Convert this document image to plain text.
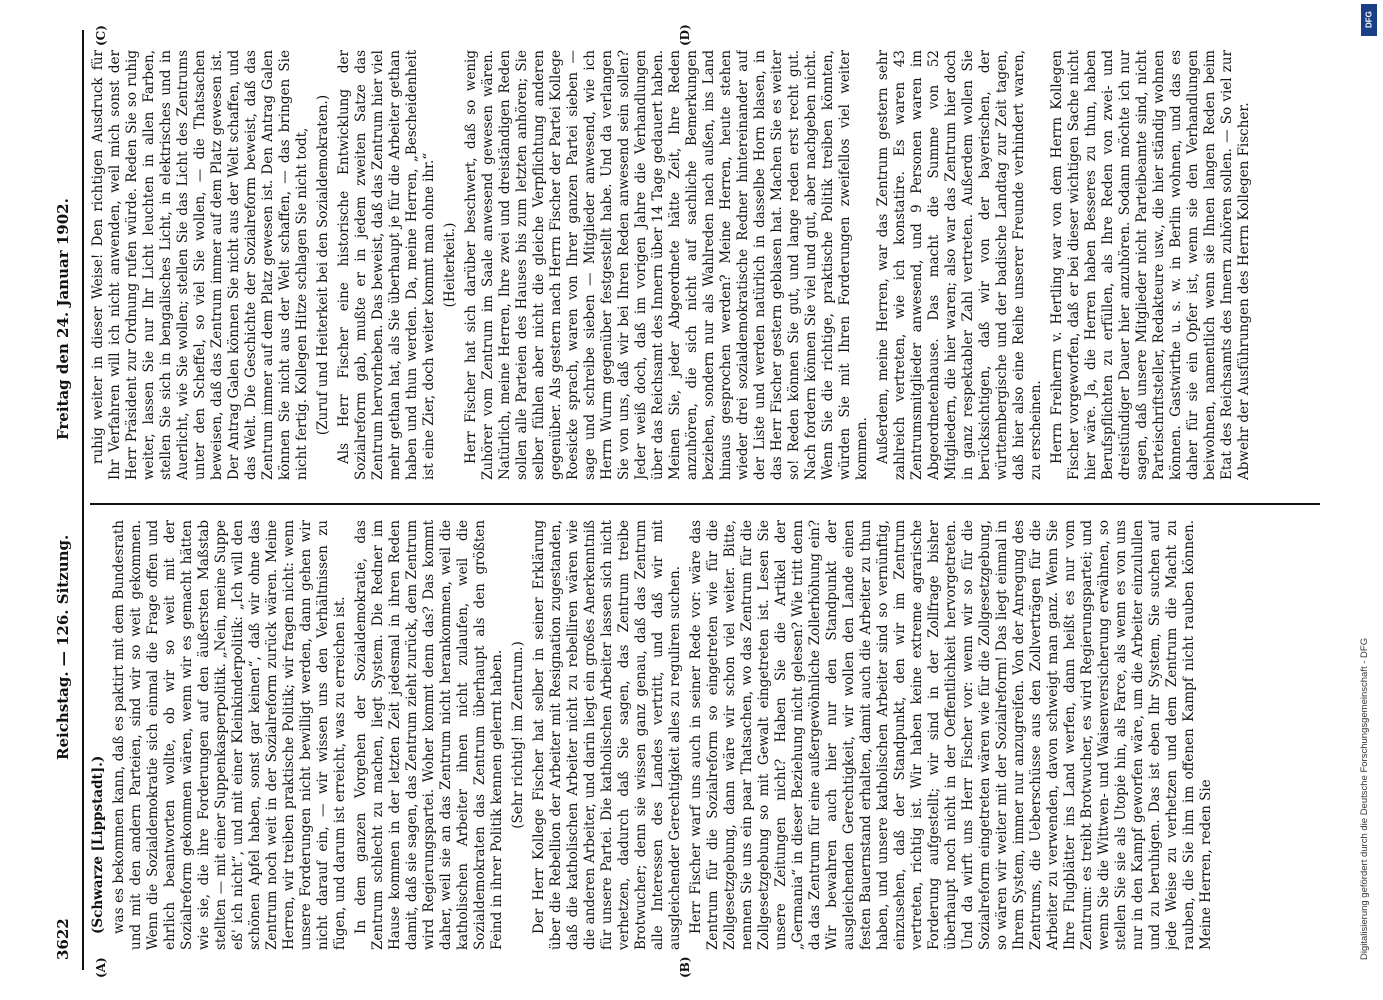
3622
Reichstag. — 126. Sitzung.
Freitag den 24. Januar 1902.
(A)	(B)
(C)	(D)

(Schwarze [Lippstadt].) was es bekommen kann, daß es paktirt mit dem Bundesrath und mit den andern Parteien, sind wir so weit gekommen. Wenn die Sozialdemokratie sich einmal die Frage offen und ehrlich beantworten wollte, ob wir so weit mit der Sozialreform gekommen wären, wenn wir es gemacht hätten wie sie, die ihre Forderungen auf den äußersten Maßstab stellten — mit einer Suppenkasperpolitik. „Nein, meine Suppe eß' ich nicht“, und mit einer Kleinkinderpolitik: „Ich will den schönen Apfel haben, sonst gar keinen“, daß wir ohne das Zentrum noch weit in der Sozialreform zurück wären. Meine Herren, wir treiben praktische Politik; wir fragen nicht: wenn unsere Forderungen nicht bewilligt werden, dann gehen wir nicht darauf ein, — wir wissen uns den Verhältnissen zu fügen, und darum ist erreicht, was zu erreichen ist. In dem ganzen Vorgehen der Sozialdemokratie, das Zentrum schlecht zu machen, liegt System. Die Redner im Hause kommen in der letzten Zeit jedesmal in ihren Reden damit, daß sie sagen, das Zentrum zieht zurück, dem Zentrum wird Regierungspartei. Woher kommt denn das? Das kommt daher, weil sie an das Zentrum nicht herankommen, weil die katholischen Arbeiter ihnen nicht zulaufen, weil die Sozialdemokraten das Zentrum überhaupt als den größten Feind in ihrer Politik kennen gelernt haben. (Sehr richtig! im Zentrum.) Der Herr Kollege Fischer hat selber in seiner Erklärung über die Rebellion der Arbeiter mit Resignation zugestanden, daß die katholischen Arbeiter nicht zu rebelliren wären wie die anderen Arbeiter, und darin liegt ein großes Anerkenntniß für unsere Partei. Die katholischen Arbeiter lassen sich nicht verhetzen, dadurch daß Sie sagen, das Zentrum treibe Brotwucher; denn sie wissen ganz genau, daß das Zentrum alle Interessen des Landes vertritt, und daß wir mit ausgleichender Gerechtigkeit alles zu reguliren suchen. Herr Fischer warf uns auch in seiner Rede vor: wäre das Zentrum für die Sozialreform so eingetreten wie für die Zollgesetzgebung, dann wäre wir schon viel weiter. Bitte, nennen Sie uns ein paar Thatsachen, wo das Zentrum für die Zollgesetzgebung so mit Gewalt eingetreten ist. Lesen Sie unsere Zeitungen nicht? Haben Sie die Artikel der „Germania“ in dieser Beziehung nicht gelesen? Wie tritt denn da das Zentrum für eine außergewöhnliche Zollerhöhung ein? Wir bewahren auch hier nur den Standpunkt der ausgleichenden Gerechtigkeit, wir wollen den Lande einen festen Bauernstand erhalten, damit auch die Arbeiter zu thun haben, und unsere katholischen Arbeiter sind so vernünftig, einzusehen, daß der Standpunkt, den wir im Zentrum vertreten, richtig ist. Wir haben keine extreme agrarische Forderung aufgestellt; wir sind in der Zollfrage bisher überhaupt noch nicht in der Oeffentlichkeit hervorgetreten. Und da wirft uns Herr Fischer vor: wenn wir so für die Sozialreform eingetreten wären wie für die Zollgesetzgebung, so wären wir weiter mit der Sozialreform! Das liegt einmal in Ihrem System, immer nur anzugreifen. Von der Anregung des Zentrums, die Ueberschüsse aus den Zollverträgen für die Arbeiter zu verwenden, davon schweigt man ganz. Wenn Sie Ihre Flugblätter ins Land werfen, dann heißt es nur vom Zentrum: es treibt Brotwucher, es wird Regierungspartei; und wenn Sie die Wittwen- und Waisenversicherung erwähnen, so stellen Sie sie als Utopie hin, als Farce, als wenn es von uns nur in den Kampf geworfen wäre, um die Arbeiter einzulullen und zu beruhigen. Das ist eben Ihr System, Sie suchen auf jede Weise zu verhetzen und dem Zentrum die Macht zu rauben, die Sie ihm im offenen Kampf nicht rauben können. Meine Herren, reden Sie

ruhig weiter in dieser Weise! Den richtigen Ausdruck für Ihr Verfahren will ich nicht anwenden, weil mich sonst der Herr Präsident zur Ordnung rufen würde. Reden Sie so ruhig weiter, lassen Sie nur Ihr Licht leuchten in allen Farben, stellen Sie sich in bengalisches Licht, in elektrisches und in Auerlicht, wie Sie wollen; stellen Sie das Licht des Zentrums unter den Scheffel, so viel Sie wollen, — die Thatsachen beweisen, daß das Zentrum immer auf dem Platz gewesen ist. Der Antrag Galen können Sie nicht aus der Welt schaffen, und das Welt. Die Geschichte der Sozialreform beweist, daß das Zentrum immer auf dem Platz gewesen ist. Den Antrag Galen können Sie nicht aus der Welt schaffen, — das bringen Sie nicht fertig. Kollegen Hitze schlagen Sie nicht todt, (Zuruf und Heiterkeit bei den Sozialdemokraten.) Als Herr Fischer eine historische Entwicklung der Sozialreform gab, mußte er in jedem zweiten Satze das Zentrum hervorheben. Das beweist, daß das Zentrum hier viel mehr gethan hat, als Sie überhaupt je für die Arbeiter gethan haben und thun werden. Da, meine Herren, „Bescheidenheit ist eine Zier, doch weiter kommt man ohne ihr.“ (Heiterkeit.) Herr Fischer hat sich darüber beschwert, daß so wenig Zuhörer vom Zentrum im Saale anwesend gewesen wären. Natürlich, meine Herren, Ihre zwei und dreiständigen Reden sollen alle Parteien des Hauses bis zum letzten anhören; Sie selber fühlen aber nicht die gleiche Verpflichtung anderen gegenüber. Als gestern nach Herrn Fischer der Partei Kollege Roesicke sprach, waren von Ihrer ganzen Partei sieben — sage und schreibe sieben — Mitglieder anwesend, wie ich Herrn Wurm gegenüber festgestellt habe. Und da verlangen Sie von uns, daß wir bei Ihren Reden anwesend sein sollen? Jeder weiß doch, daß im vorigen Jahre die Verhandlungen über das Reichsamt des Innern über 14 Tage gedauert haben. Meinen Sie, jeder Abgeordnete hätte Zeit, Ihre Reden anzuhören, die sich nicht auf sachliche Bemerkungen beziehen, sondern nur als Wahlreden nach außen, ins Land hinaus gesprochen werden? Meine Herren, heute stehen wieder drei sozialdemokratische Redner hintereinander auf der Liste und werden natürlich in dasselbe Horn blasen, in das Herr Fischer gestern geblasen hat. Machen Sie es weiter so! Reden können Sie gut, und lange reden erst recht gut. Nach fordern können Sie viel und gut, aber nachgeben nicht. Wenn Sie die richtige, praktische Politik treiben könnten, würden Sie mit Ihren Forderungen zweifellos viel weiter kommen. Außerdem, meine Herren, war das Zentrum gestern sehr zahlreich vertreten, wie ich konstatire. Es waren 43 Zentrumsmitglieder anwesend, und 9 Personen waren im Abgeordnetenhause. Das macht die Summe von 52 Mitgliedern, die hier waren; also war das Zentrum hier doch in ganz respektabler Zahl vertreten. Außerdem wollen Sie berücksichtigen, daß wir von der bayerischen, der württembergische und der badische Landtag zur Zeit tagen, daß hier also eine Reihe unserer Freunde verhindert waren, zu erscheinen. Herrn Freiherrn v. Hertling war von dem Herrn Kollegen Fischer vorgeworfen, daß er bei dieser wichtigen Sache nicht hier wäre. Ja, die Herren haben Besseres zu thun, haben Berufspflichten zu erfüllen, als Ihre Reden von zwei- und dreistündiger Dauer hier anzuhören. Sodann möchte ich nur sagen, daß unsere Mitglieder nicht Parteibeamte sind, nicht Parteischriftsteller, Redakteure usw., die hier ständig wohnen können. Gastwirthe u. s. w. in Berlin wohnen, und das es daher für sie ein Opfer ist, wenn sie den Verhandlungen beiwohnen, namentlich wenn sie Ihnen langen Reden beim Etat des Reichsamts des Innern zuhören sollen. — So viel zur Abwehr der Ausführungen des Herrn Kollegen Fischer.

DFG
Digitalisierung gefördert durch die Deutsche Forschungsgemeinschaft - DFG
